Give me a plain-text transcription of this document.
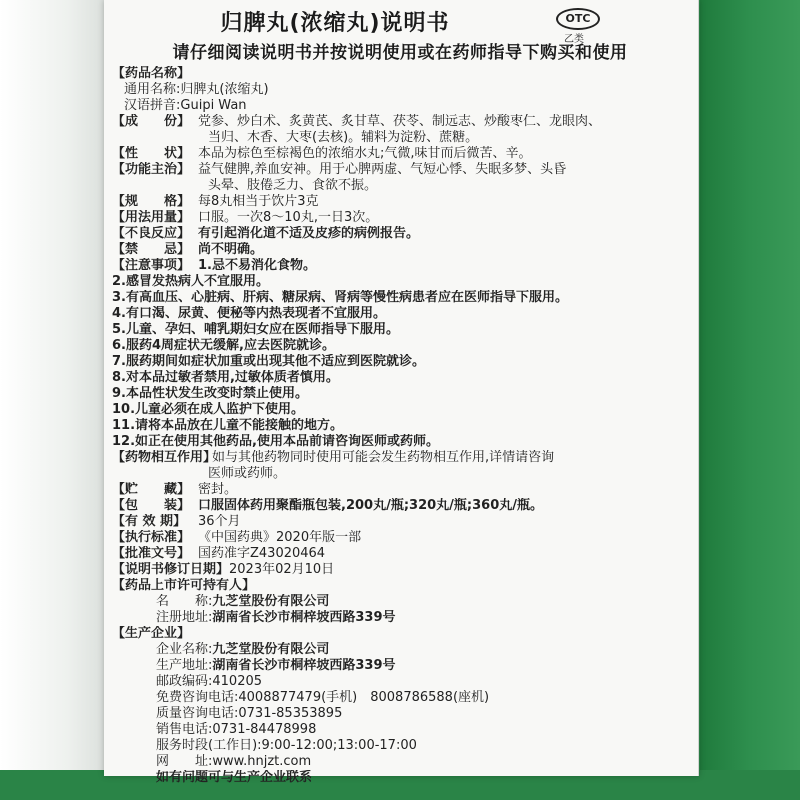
归脾丸(浓缩丸)说明书	OTC
乙类
请仔细阅读说明书并按说明使用或在药师指导下购买和使用
【药品名称】
通用名称:归脾丸(浓缩丸)
汉语拼音:Guipi Wan
【成　　份】 党参、炒白术、炙黄芪、炙甘草、茯苓、制远志、炒酸枣仁、龙眼肉、
当归、木香、大枣(去核)。辅料为淀粉、蔗糖。
【性　　状】 本品为棕色至棕褐色的浓缩水丸;气微,味甘而后微苦、辛。
【功能主治】 益气健脾,养血安神。用于心脾两虚、气短心悸、失眠多梦、头昏
头晕、肢倦乏力、食欲不振。
【规　　格】 每8丸相当于饮片3克
【用法用量】 口服。一次8～10丸,一日3次。
【不良反应】 有引起消化道不适及皮疹的病例报告。
【禁　　忌】 尚不明确。
【注意事项】 1.忌不易消化食物。
2.感冒发热病人不宜服用。
3.有高血压、心脏病、肝病、糖尿病、肾病等慢性病患者应在医师指导下服用。
4.有口渴、尿黄、便秘等内热表现者不宜服用。
5.儿童、孕妇、哺乳期妇女应在医师指导下服用。
6.服药4周症状无缓解,应去医院就诊。
7.服药期间如症状加重或出现其他不适应到医院就诊。
8.对本品过敏者禁用,过敏体质者慎用。
9.本品性状发生改变时禁止使用。
10.儿童必须在成人监护下使用。
11.请将本品放在儿童不能接触的地方。
12.如正在使用其他药品,使用本品前请咨询医师或药师。
【药物相互作用】如与其他药物同时使用可能会发生药物相互作用,详情请咨询
医师或药师。
【贮　　藏】 密封。
【包　　装】 口服固体药用聚酯瓶包装,200丸/瓶;320丸/瓶;360丸/瓶。
【有 效 期】 36个月
【执行标准】 《中国药典》2020年版一部
【批准文号】 国药准字Z43020464
【说明书修订日期】2023年02月10日
【药品上市许可持有人】
名　　称:九芝堂股份有限公司
注册地址:湖南省长沙市桐梓坡西路339号
【生产企业】
企业名称:九芝堂股份有限公司
生产地址:湖南省长沙市桐梓坡西路339号
邮政编码:410205
免费咨询电话:4008877479(手机)　8008786588(座机)
质量咨询电话:0731-85353895
销售电话:0731-84478998
服务时段(工作日):9:00-12:00;13:00-17:00
网　　址:www.hnjzt.com
如有问题可与生产企业联系
